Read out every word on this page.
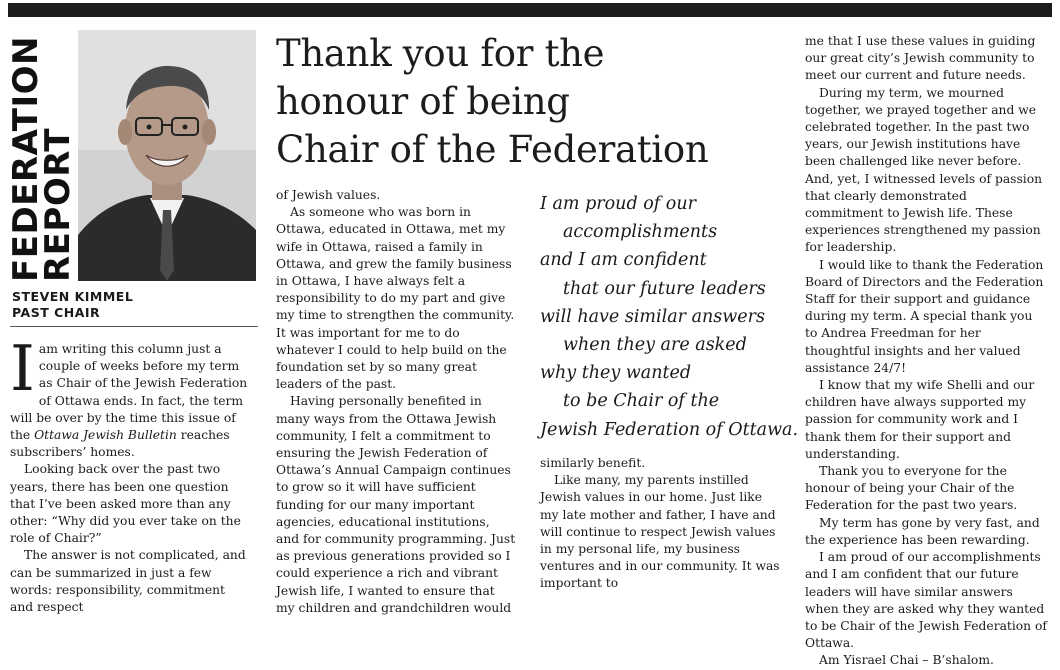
FEDERATION
REPORT
STEVEN KIMMEL
PAST CHAIR
Thank you for the
honour of being
Chair of the Federation

Iam writing this column just a couple of weeks before my term as Chair of the Jewish Federation of Ottawa ends. In fact, the term will be over by the time this issue of the Ottawa Jewish Bulletin reaches subscribers’ homes.

Looking back over the past two years, there has been one question that I’ve been asked more than any other: “Why did you ever take on the role of Chair?”

The answer is not complicated, and can be summarized in just a few words: responsibility, commitment and respect

of Jewish values.

As someone who was born in Ottawa, educated in Ottawa, met my wife in Ottawa, raised a family in Ottawa, and grew the family business in Ottawa, I have always felt a responsibility to do my part and give my time to strengthen the community. It was important for me to do whatever I could to help build on the foundation set by so many great leaders of the past.

Having personally benefited in many ways from the Ottawa Jewish community, I felt a commitment to ensuring the Jewish Federation of Ottawa’s Annual Campaign continues to grow so it will have sufficient funding for our many important agencies, educational institutions, and for community programming. Just as previous generations provided so I could experience a rich and vibrant Jewish life, I wanted to ensure that my children and grandchildren would

I am proud of our
accomplishments
and I am confident
that our future leaders
will have similar answers
when they are asked
why they wanted
to be Chair of the
Jewish Federation of Ottawa.

similarly benefit.

Like many, my parents instilled Jewish values in our home. Just like my late mother and father, I have and will continue to respect Jewish values in my personal life, my business ventures and in our community. It was important to

me that I use these values in guiding our great city’s Jewish community to meet our current and future needs.

During my term, we mourned together, we prayed together and we celebrated together. In the past two years, our Jewish institutions have been challenged like never before. And, yet, I witnessed levels of passion that clearly demonstrated commitment to Jewish life. These experiences strengthened my passion for leadership.

I would like to thank the Federation Board of Directors and the Federation Staff for their support and guidance during my term. A special thank you to Andrea Freedman for her thoughtful insights and her valued assistance 24/7!

I know that my wife Shelli and our children have always supported my passion for community work and I thank them for their support and understanding.

Thank you to everyone for the honour of being your Chair of the Federation for the past two years.

My term has gone by very fast, and the experience has been rewarding.

I am proud of our accomplishments and I am confident that our future leaders will have similar answers when they are asked why they wanted to be Chair of the Jewish Federation of Ottawa.

Am Yisrael Chai – B’shalom.
